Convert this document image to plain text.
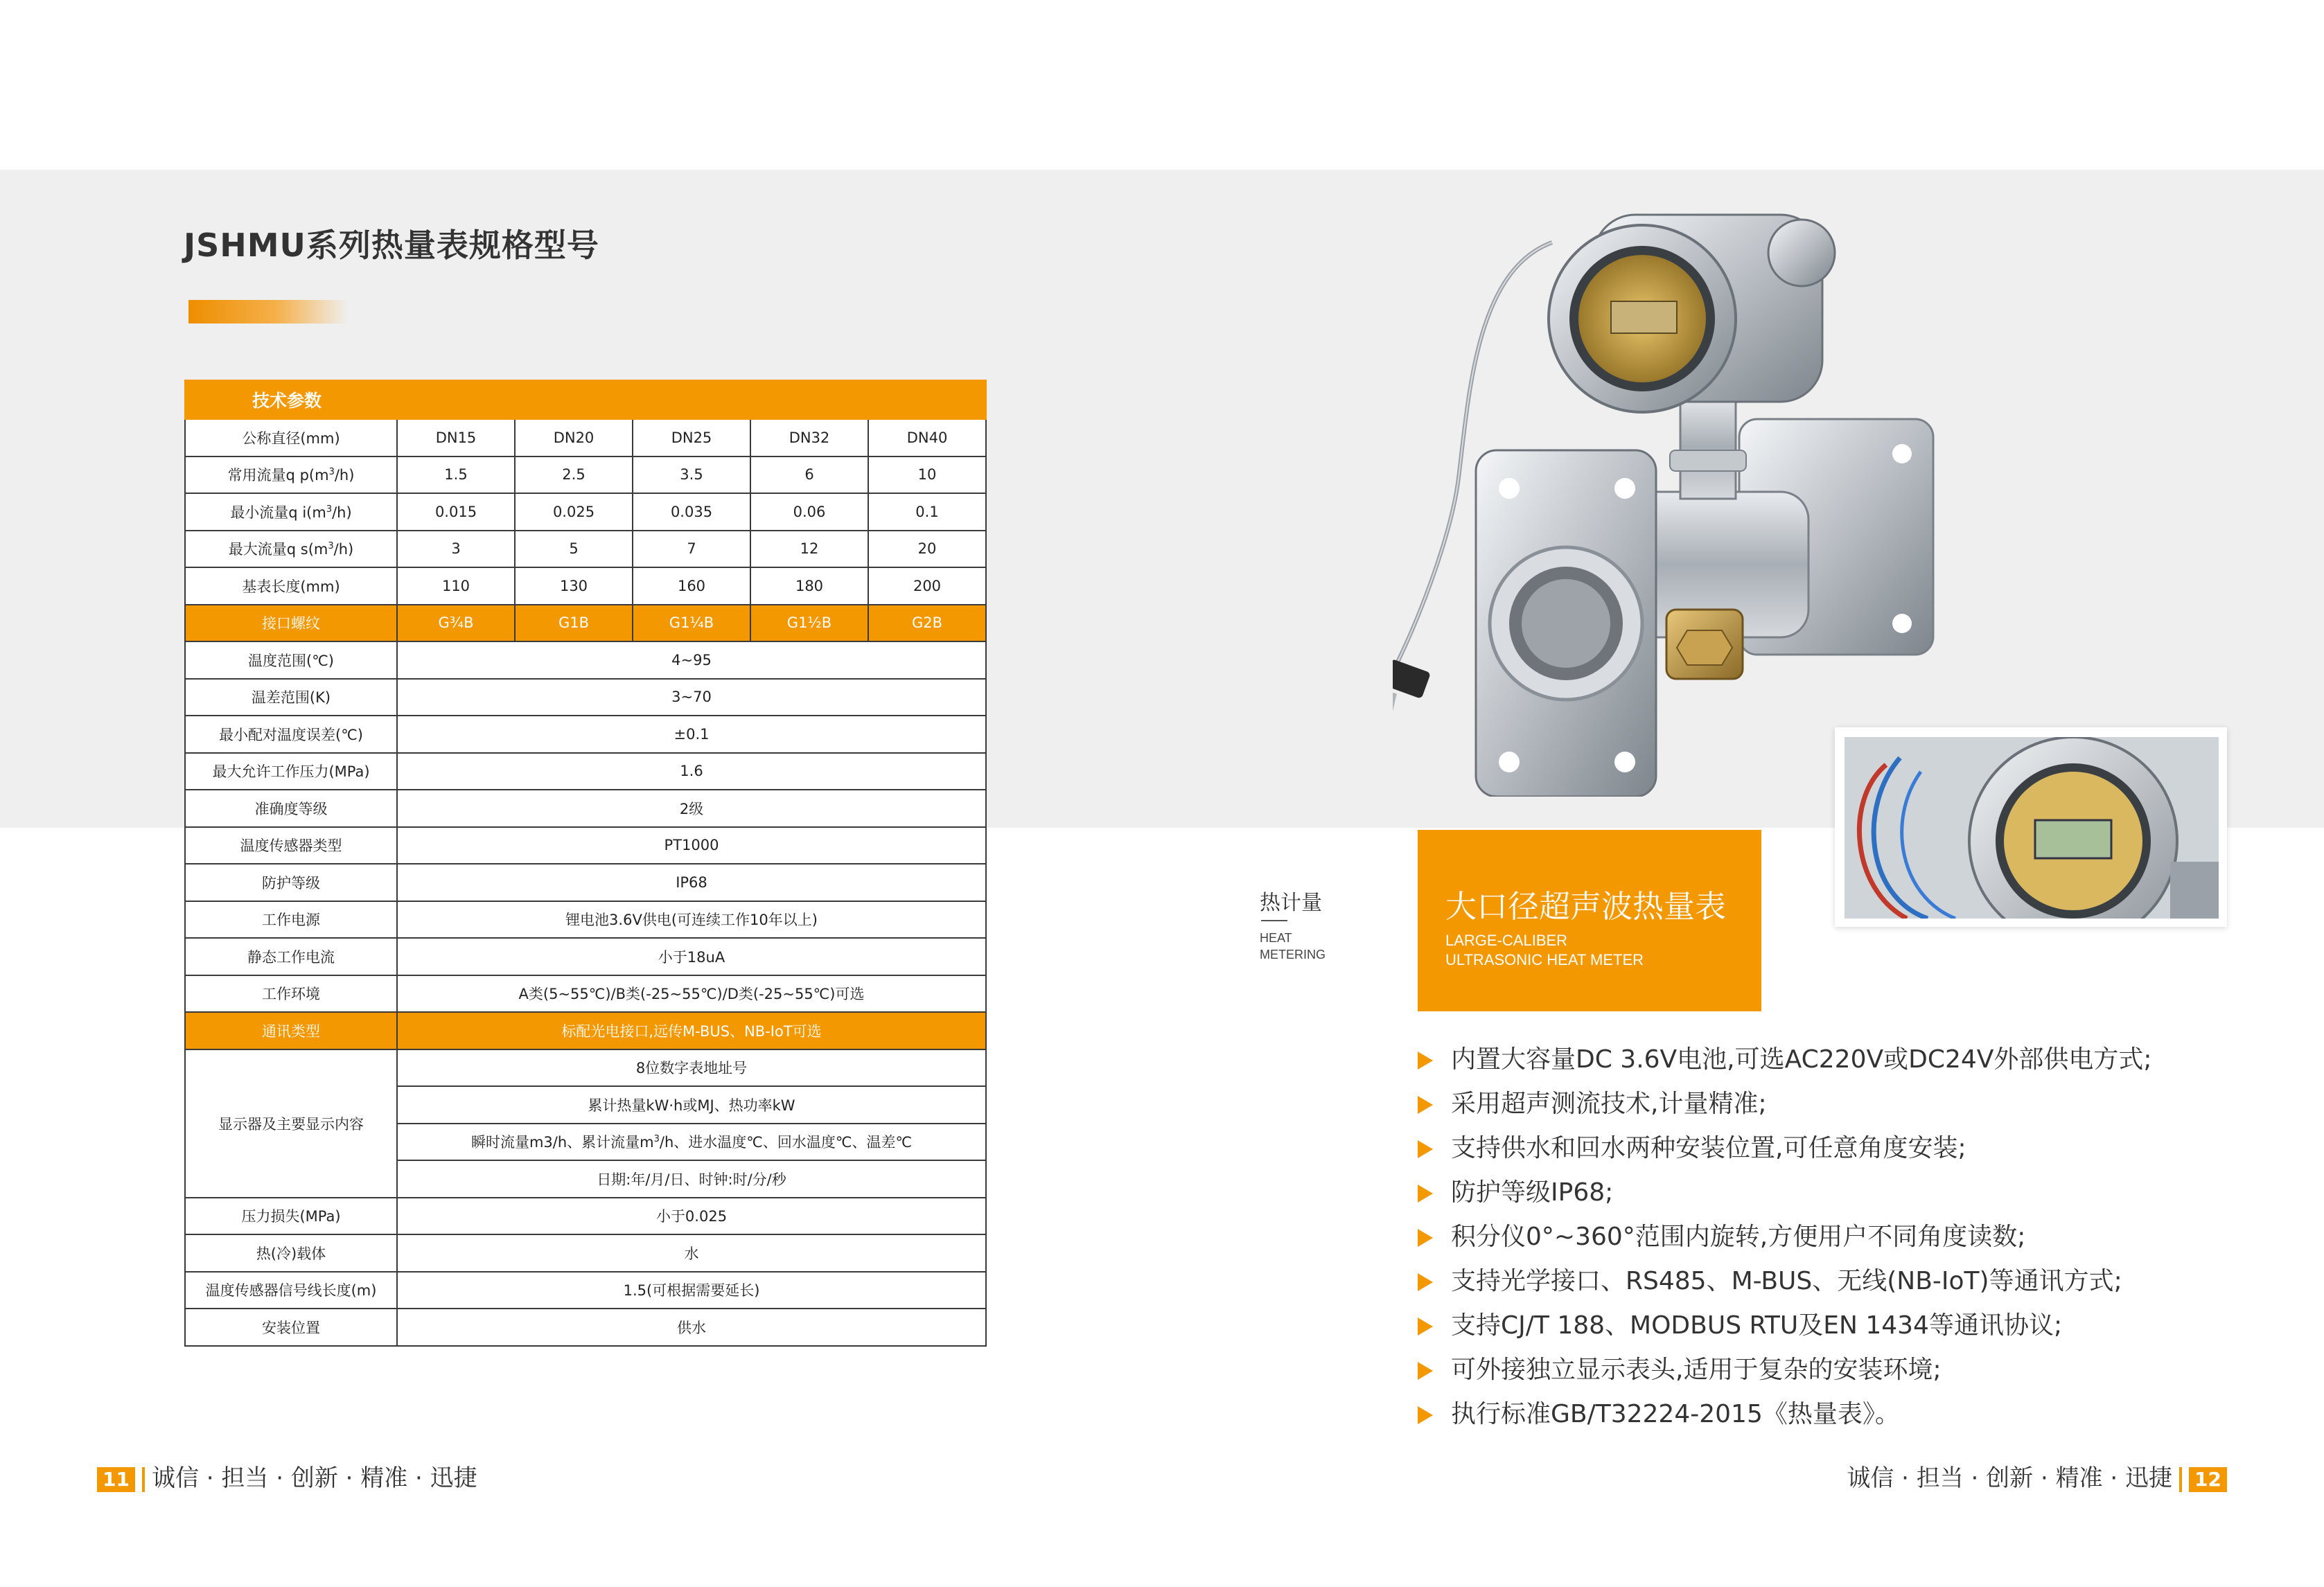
JSHMU系列热量表规格型号
技术参数					
公称直径(mm)	DN15	DN20	DN25	DN32	DN40
常用流量q $p(m^3/h)$	1.5	2.5	3.5	6	10
最小流量q $i(m^3/h)$	0.015	0.025	0.035	0.06	0.1
最大流量q $s(m^3/h)$	3	5	7	12	20
基表长度(mm)	110	130	160	180	200
接口螺纹	G¾B	G1B	G1¼B	G1½B	G2B
温度范围(℃)	4~95				
温差范围(K)	3~70				
最小配对温度误差(℃)	±0.1				
最大允许工作压力(MPa)	1.6				
准确度等级	2级				
温度传感器类型	PT1000				
防护等级	IP68				
工作电源	锂电池3.6V供电(可连续工作10年以上)				
静态工作电流	小于18uA				
工作环境	A类(5~55℃)/B类(-25~55℃)/D类(-25~55℃)可选				
通讯类型	标配光电接口,远传M-BUS、NB-IoT可选				
显示器及主要显示内容	8位数字表地址号				
	累计热量kW·h或MJ、热功率kW				
	瞬时流量m3/h、累计流量$m^3/h$、进水温度℃、回水温度℃、温差℃				
	日期:年/月/日、时钟:时/分/秒				
压力损失(MPa)	小于0.025				
热(冷)载体	水				
温度传感器信号线长度(m)	1.5(可根据需要延长)				
安装位置	供水				
热计量
HEAT
METERING
大口径超声波热量表
LARGE-CALIBER
ULTRASONIC HEAT METER
内置大容量DC 3.6V电池,可选AC220V或DC24V外部供电方式;
采用超声测流技术,计量精准;
支持供水和回水两种安装位置,可任意角度安装;
防护等级IP68;
积分仪0°~360°范围内旋转,方便用户不同角度读数;
支持光学接口、RS485、M-BUS、无线(NB-IoT)等通讯方式;
支持CJ/T 188、MODBUS RTU及EN 1434等通讯协议;
可外接独立显示表头,适用于复杂的安装环境;
执行标准GB/T32224-2015《热量表》。
11 诚信 · 担当 · 创新 · 精准 · 迅捷	诚信 · 担当 · 创新 · 精准 · 迅捷 12
